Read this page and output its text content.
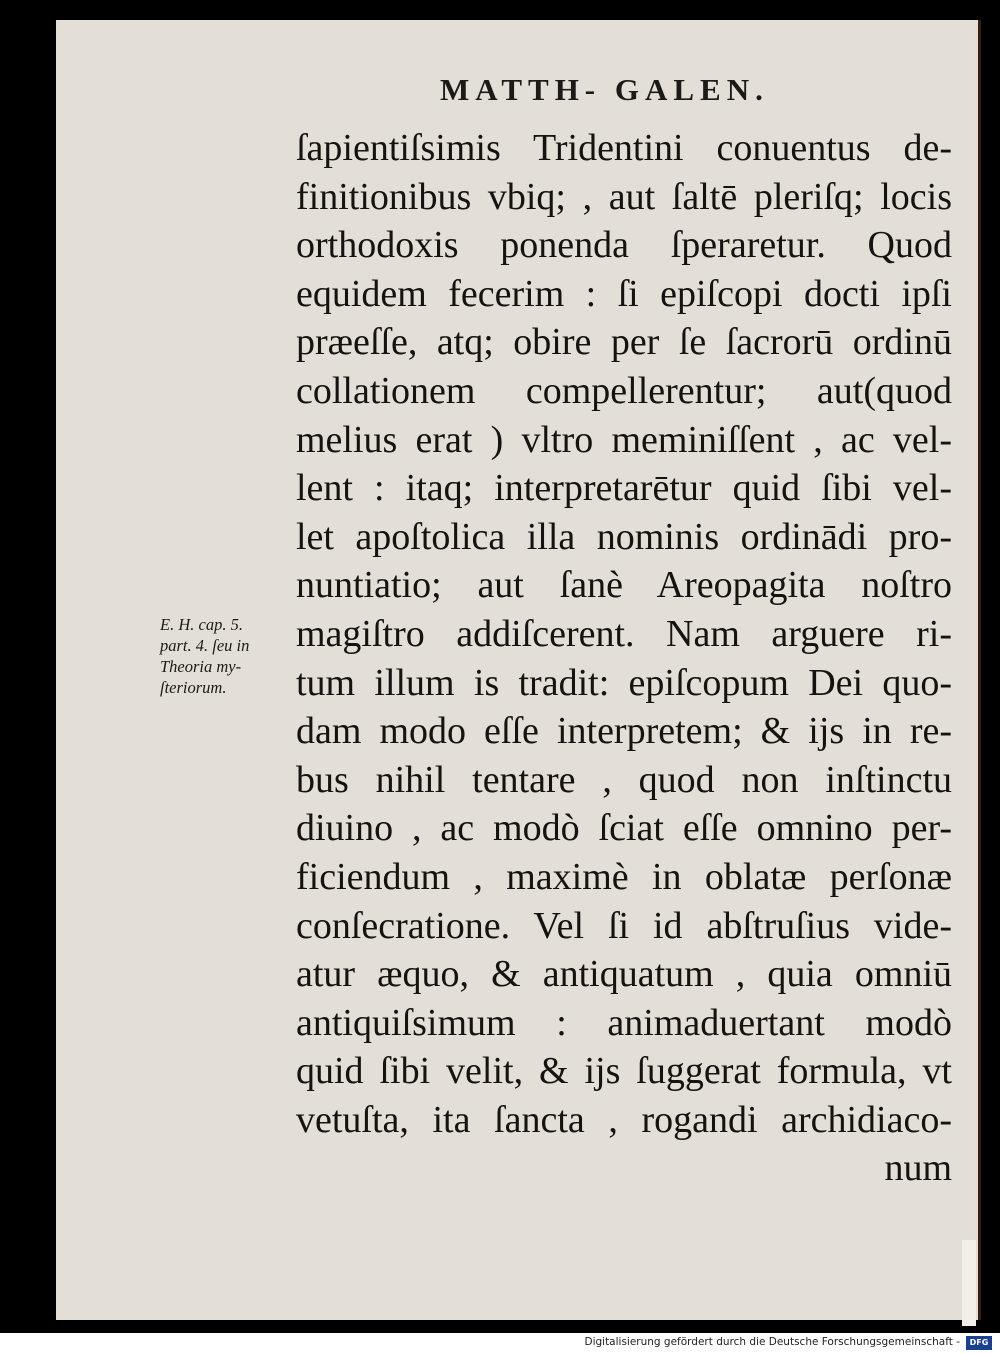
MATTH- GALEN.
ſapientiſsimis Tridentini conuentus de-
finitionibus vbiq; , aut ſaltē pleriſq; locis
orthodoxis ponenda ſperaretur. Quod
equidem fecerim : ſi epiſcopi docti ipſi
præeſſe, atq; obire per ſe ſacrorū ordinū
collationem compellerentur; aut(quod
melius erat ) vltro meminiſſent , ac vel-
lent : itaq; interpretarētur quid ſibi vel-
let apoſtolica illa nominis ordinādi pro-
nuntiatio; aut ſanè Areopagita noſtro
magiſtro addiſcerent. Nam arguere ri-
tum illum is tradit: epiſcopum Dei quo-
dam modo eſſe interpretem; & ijs in re-
bus nihil tentare , quod non inſtinctu
diuino , ac modò ſciat eſſe omnino per-
ficiendum , maximè in oblatæ perſonæ
conſecratione. Vel ſi id abſtruſius vide-
atur æquo, & antiquatum , quia omniū
antiquiſsimum : animaduertant modò
quid ſibi velit, & ijs ſuggerat formula, vt
vetuſta, ita ſancta , rogandi archidiaco-
num
E. H. cap. 5.
part. 4. ſeu in
Theoria my-
ſteriorum.
Digitalisierung gefördert durch die Deutsche Forschungsgemeinschaft -	DFG
